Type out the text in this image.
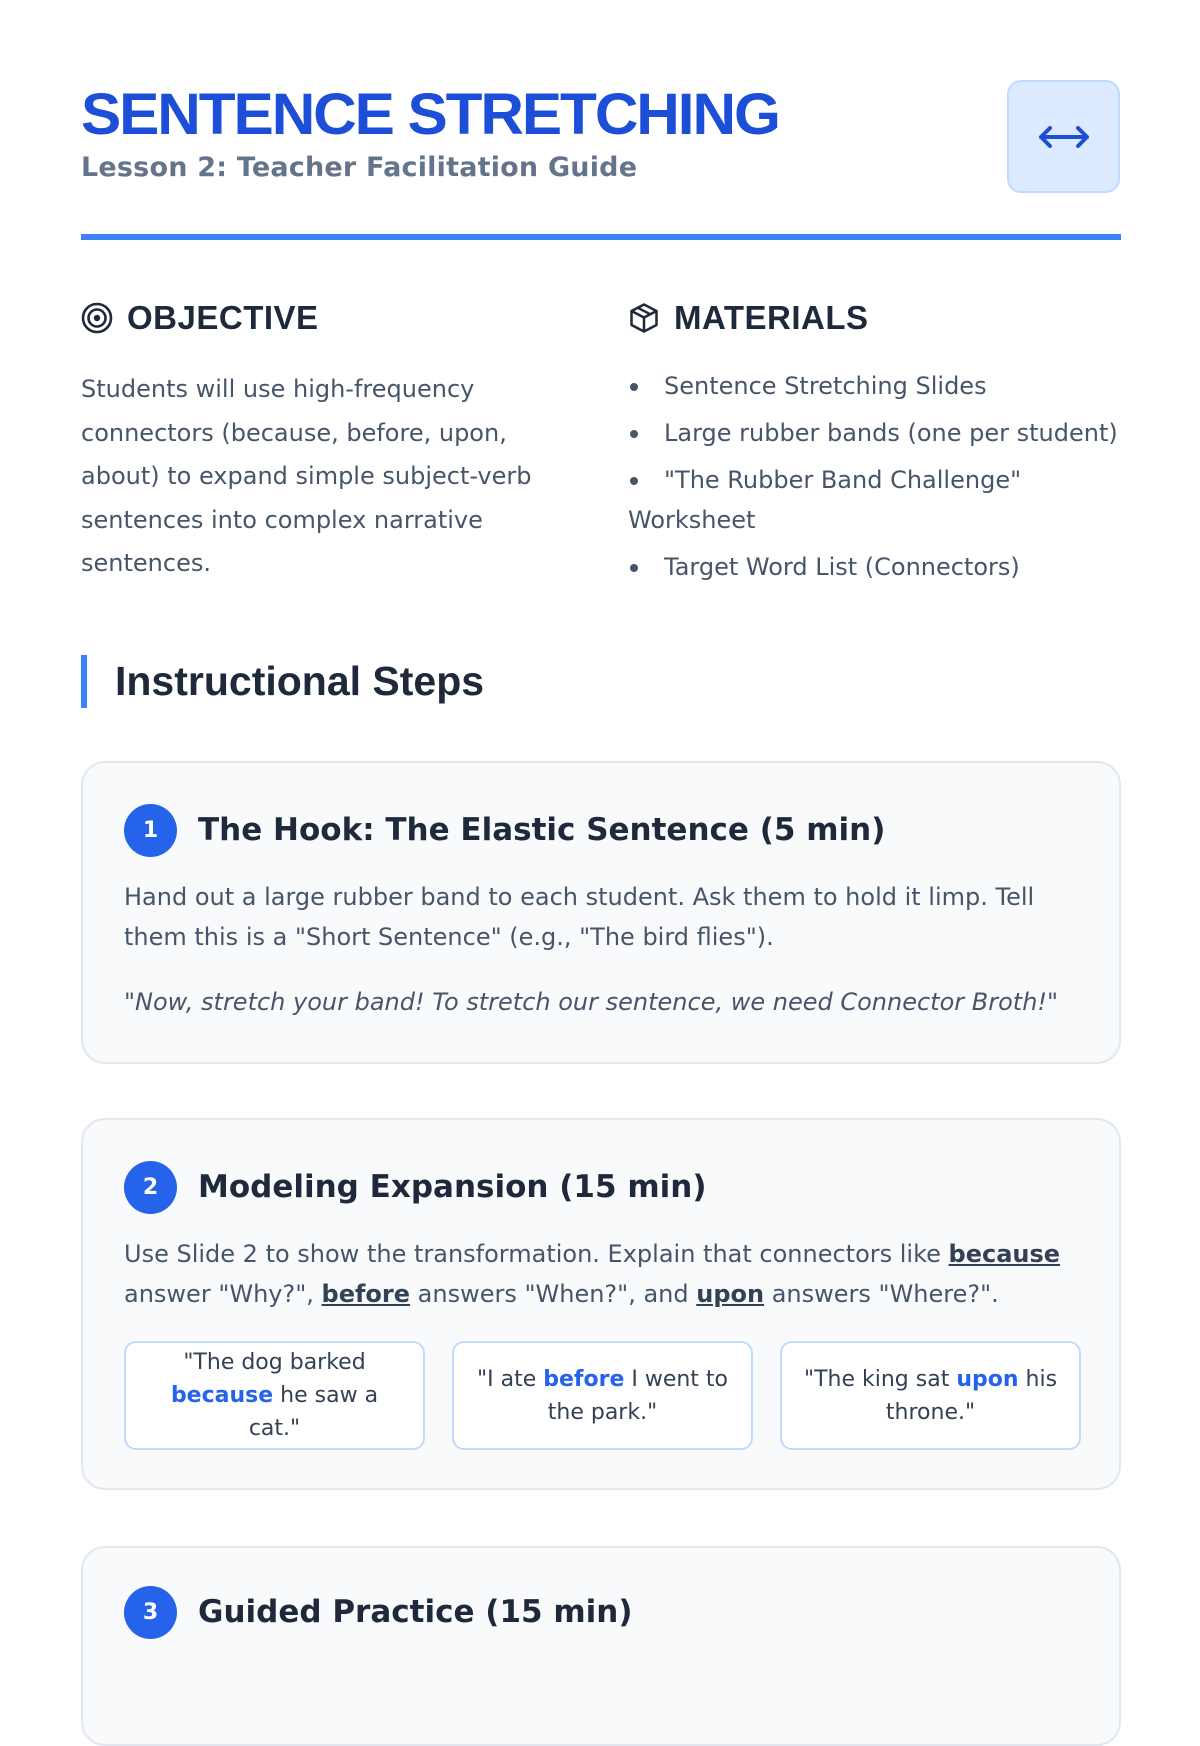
SENTENCE STRETCHING
Lesson 2: Teacher Facilitation Guide
OBJECTIVE

Students will use high-frequency connectors (because, before, upon, about) to expand simple subject-verb sentences into complex narrative sentences.

MATERIALS
Sentence Stretching Slides
Large rubber bands (one per student)
"The Rubber Band Challenge" Worksheet
Target Word List (Connectors)
Instructional Steps
1	The Hook: The Elastic Sentence (5 min)

Hand out a large rubber band to each student. Ask them to hold it limp. Tell them this is a "Short Sentence" (e.g., "The bird flies").

"Now, stretch your band! To stretch our sentence, we need Connector Broth!"

2	Modeling Expansion (15 min)

Use Slide 2 to show the transformation. Explain that connectors like because answer "Why?", before answers "When?", and upon answers "Where?".

"The dog barked because he saw a cat."
"I ate before I went to the park."
"The king sat upon his throne."
3	Guided Practice (15 min)
